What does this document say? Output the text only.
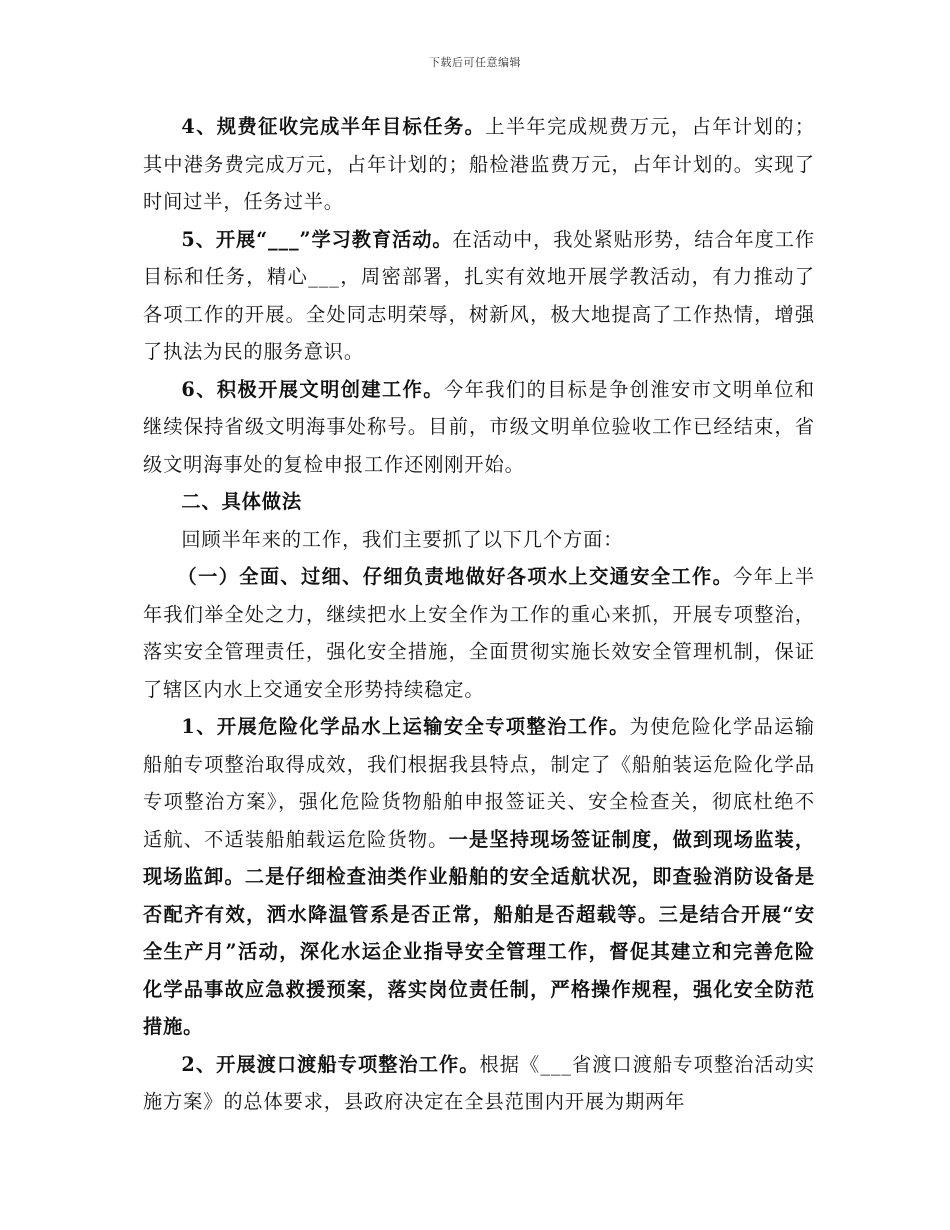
下载后可任意编辑

4、规费征收完成半年目标任务。上半年完成规费万元，占年计划的；其中港务费完成万元，占年计划的；船检港监费万元，占年计划的。实现了时间过半，任务过半。

5、开展“___”学习教育活动。在活动中，我处紧贴形势，结合年度工作目标和任务，精心___，周密部署，扎实有效地开展学教活动，有力推动了各项工作的开展。全处同志明荣辱，树新风，极大地提高了工作热情，增强了执法为民的服务意识。

6、积极开展文明创建工作。今年我们的目标是争创淮安市文明单位和继续保持省级文明海事处称号。目前，市级文明单位验收工作已经结束，省级文明海事处的复检申报工作还刚刚开始。

二、具体做法

回顾半年来的工作，我们主要抓了以下几个方面：

（一）全面、过细、仔细负责地做好各项水上交通安全工作。今年上半年我们举全处之力，继续把水上安全作为工作的重心来抓，开展专项整治，落实安全管理责任，强化安全措施，全面贯彻实施长效安全管理机制，保证了辖区内水上交通安全形势持续稳定。

1、开展危险化学品水上运输安全专项整治工作。为使危险化学品运输船舶专项整治取得成效，我们根据我县特点，制定了《船舶装运危险化学品专项整治方案》，强化危险货物船舶申报签证关、安全检查关，彻底杜绝不适航、不适装船舶载运危险货物。一是坚持现场签证制度，做到现场监装，现场监卸。二是仔细检查油类作业船舶的安全适航状况，即查验消防设备是否配齐有效，洒水降温管系是否正常，船舶是否超载等。三是结合开展“安全生产月”活动，深化水运企业指导安全管理工作，督促其建立和完善危险化学品事故应急救援预案，落实岗位责任制，严格操作规程，强化安全防范措施。

2、开展渡口渡船专项整治工作。根据《___省渡口渡船专项整治活动实施方案》的总体要求，县政府决定在全县范围内开展为期两年
